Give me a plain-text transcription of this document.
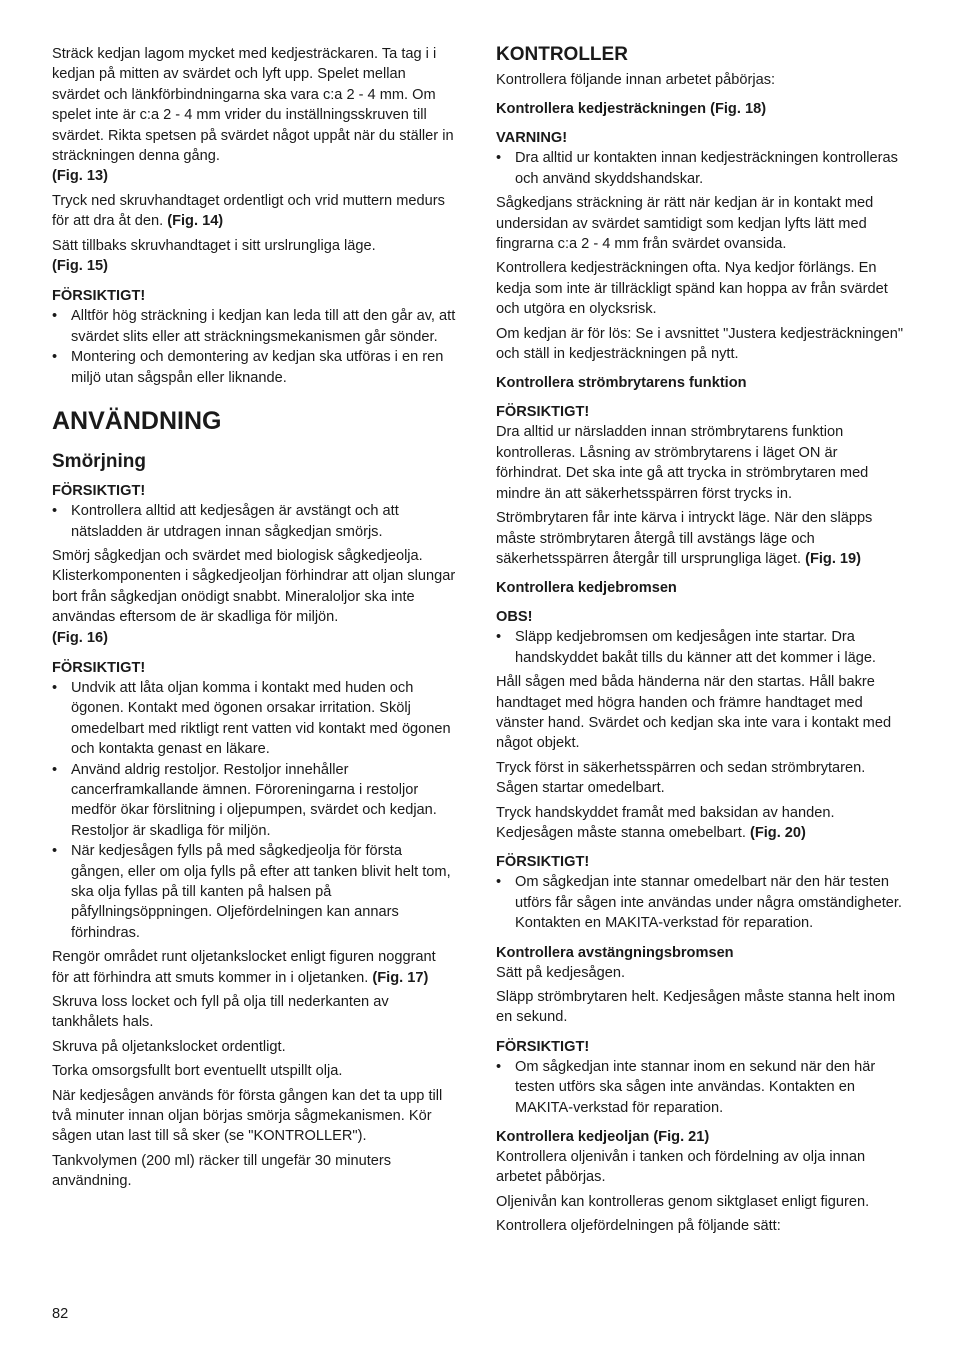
Sträck kedjan lagom mycket med kedjesträckaren. Ta tag i i kedjan på mitten av svärdet och lyft upp. Spelet mellan svärdet och länkförbindningarna ska vara c:a 2 - 4 mm. Om spelet inte är c:a 2 - 4 mm vrider du inställningsskruven till svärdet. Rikta spetsen på svärdet något uppåt när du ställer in sträckningen denna gång.
(Fig. 13)

Tryck ned skruvhandtaget ordentligt och vrid muttern medurs för att dra åt den. (Fig. 14)

Sätt tillbaks skruvhandtaget i sitt urslrungliga läge.
(Fig. 15)

FÖRSIKTIGT!

• Alltför hög sträckning i kedjan kan leda till att den går av, att svärdet slits eller att sträckningsmekanismen går sönder.
• Montering och demontering av kedjan ska utföras i en ren miljö utan sågspån eller liknande.
ANVÄNDNING
Smörjning

FÖRSIKTIGT!

• Kontrollera alltid att kedjesågen är avstängt och att nätsladden är utdragen innan sågkedjan smörjs.

Smörj sågkedjan och svärdet med biologisk sågkedjeolja. Klisterkomponenten i sågkedjeoljan förhindrar att oljan slungar bort från sågkedjan onödigt snabbt. Mineraloljor ska inte användas eftersom de är skadliga för miljön.
(Fig. 16)

FÖRSIKTIGT!

• Undvik att låta oljan komma i kontakt med huden och ögonen. Kontakt med ögonen orsakar irritation. Skölj omedelbart med riktligt rent vatten vid kontakt med ögonen och kontakta genast en läkare.
• Använd aldrig restoljor. Restoljor innehåller cancerframkallande ämnen. Föroreningarna i restoljor medför ökar förslitning i oljepumpen, svärdet och kedjan. Restoljor är skadliga för miljön.
• När kedjesågen fylls på med sågkedjeolja för första gången, eller om olja fylls på efter att tanken blivit helt tom, ska olja fyllas på till kanten på halsen på påfyllningsöppningen. Oljefördelningen kan annars förhindras.

Rengör området runt oljetankslocket enligt figuren noggrant för att förhindra att smuts kommer in i oljetanken. (Fig. 17)

Skruva loss locket och fyll på olja till nederkanten av tankhålets hals.

Skruva på oljetankslocket ordentligt.

Torka omsorgsfullt bort eventuellt utspillt olja.

När kedjesågen används för första gången kan det ta upp till två minuter innan oljan börjas smörja sågmekanismen. Kör sågen utan last till så sker (se "KONTROLLER").

Tankvolymen (200 ml) räcker till ungefär 30 minuters användning.

KONTROLLER

Kontrollera följande innan arbetet påbörjas:

Kontrollera kedjesträckningen (Fig. 18)

VARNING!

• Dra alltid ur kontakten innan kedjesträckningen kontrolleras och använd skyddshandskar.

Sågkedjans sträckning är rätt när kedjan är in kontakt med undersidan av svärdet samtidigt som kedjan lyfts lätt med fingrarna c:a 2 - 4 mm från svärdet ovansida.

Kontrollera kedjesträckningen ofta. Nya kedjor förlängs. En kedja som inte är tillräckligt spänd kan hoppa av från svärdet och utgöra en olycksrisk.

Om kedjan är för lös: Se i avsnittet "Justera kedjesträckningen" och ställ in kedjesträckningen på nytt.

Kontrollera strömbrytarens funktion

FÖRSIKTIGT!

Dra alltid ur närsladden innan strömbrytarens funktion kontrolleras. Låsning av strömbrytarens i läget ON är förhindrat. Det ska inte gå att trycka in strömbrytaren med mindre än att säkerhetsspärren först trycks in.

Strömbrytaren får inte kärva i intryckt läge. När den släpps måste strömbrytaren återgå till avstängs läge och säkerhetsspärren återgår till ursprungliga läget. (Fig. 19)

Kontrollera kedjebromsen

OBS!

• Släpp kedjebromsen om kedjesågen inte startar. Dra handskyddet bakåt tills du känner att det kommer i läge.

Håll sågen med båda händerna när den startas. Håll bakre handtaget med högra handen och främre handtaget med vänster hand. Svärdet och kedjan ska inte vara i kontakt med något objekt.

Tryck först in säkerhetsspärren och sedan strömbrytaren. Sågen startar omedelbart.

Tryck handskyddet framåt med baksidan av handen. Kedjesågen måste stanna omebelbart. (Fig. 20)

FÖRSIKTIGT!

• Om sågkedjan inte stannar omedelbart när den här testen utförs får sågen inte användas under några omständigheter. Kontakten en MAKITA-verkstad för reparation.

Kontrollera avstängningsbromsen

Sätt på kedjesågen.

Släpp strömbrytaren helt. Kedjesågen måste stanna helt inom en sekund.

FÖRSIKTIGT!

• Om sågkedjan inte stannar inom en sekund när den här testen utförs ska sågen inte användas. Kontakten en MAKITA-verkstad för reparation.

Kontrollera kedjeoljan (Fig. 21)

Kontrollera oljenivån i tanken och fördelning av olja innan arbetet påbörjas.

Oljenivån kan kontrolleras genom siktglaset enligt figuren.

Kontrollera oljefördelningen på följande sätt:

82
